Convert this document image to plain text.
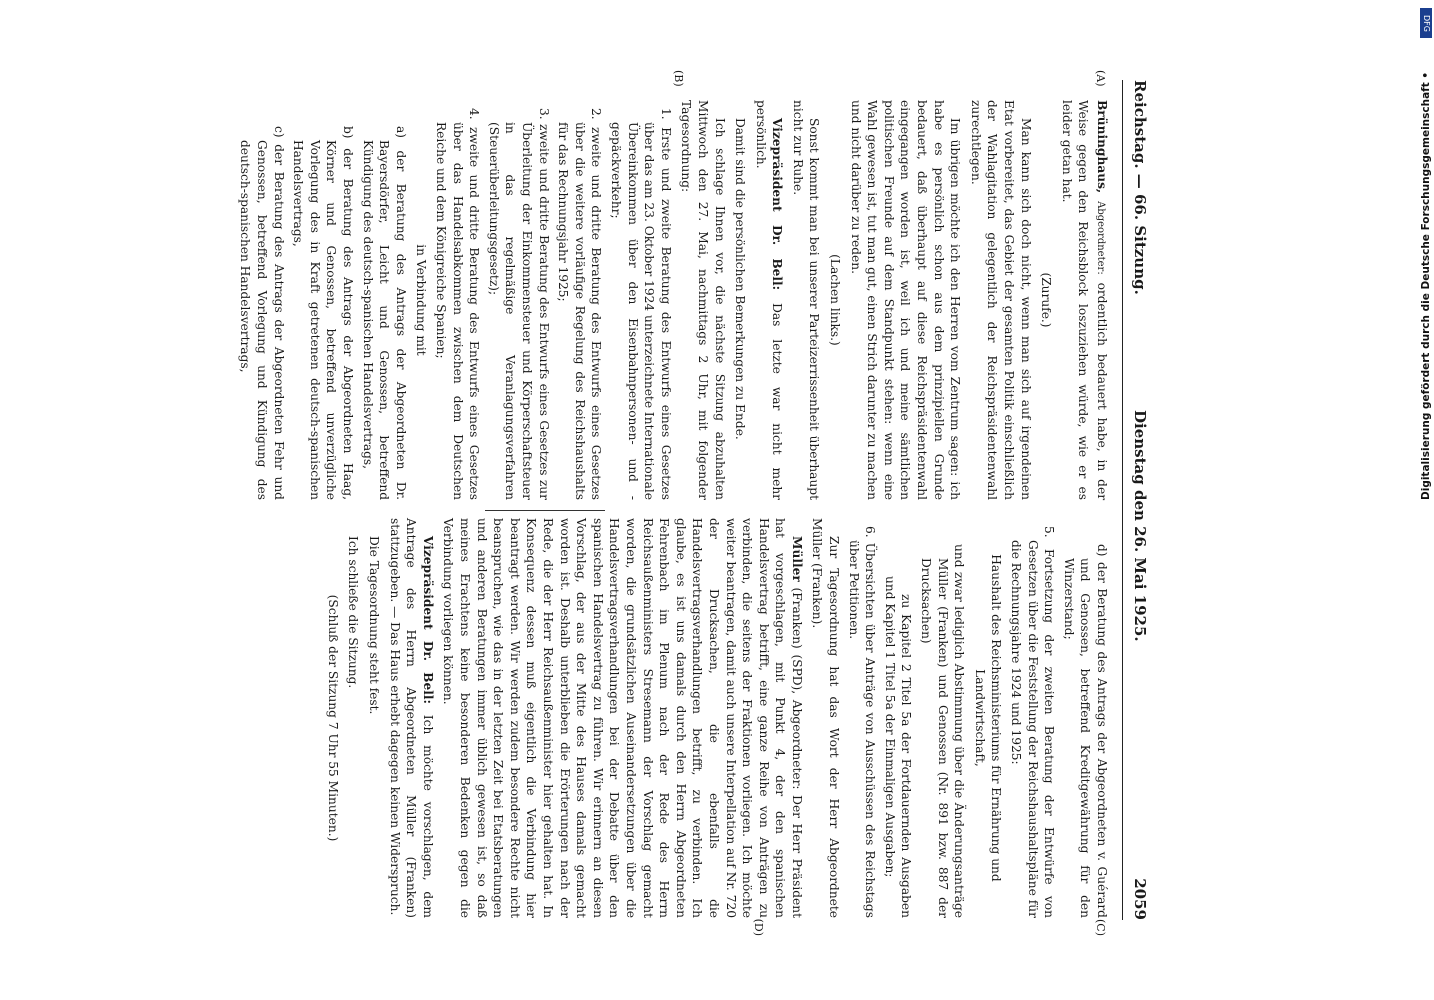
Reichstag. — 66. Sitzung.
Dienstag den 26. Mai 1925.
2059
(A)
(B)
(C)
(D)

Brüninghaus, Abgeordneter: ordentlich bedauert habe, in der Weise gegen den Reichsblock loszuziehen würde, wie er es leider getan hat.

(Zurufe.)

Man kann sich doch nicht, wenn man sich auf irgendeinen Etat vorbereitet, das Gebiet der gesamten Politik einschließlich der Wahlagitation gelegentlich der Reichspräsidentenwahl zurechtlegen.

Im übrigen möchte ich den Herren vom Zentrum sagen: ich habe es persönlich schon aus dem prinzipiellen Grunde bedauert, daß überhaupt auf diese Reichspräsidentenwahl eingegangen worden ist, weil ich und meine sämtlichen politischen Freunde auf dem Standpunkt stehen: wenn eine Wahl gewesen ist, tut man gut, einen Strich darunter zu machen und nicht darüber zu reden.

(Lachen links.)

Sonst kommt man bei unserer Parteizerrissenheit überhaupt nicht zur Ruhe.

Vizepräsident Dr. Bell: Das letzte war nicht mehr persönlich.

Damit sind die persönlichen Bemerkungen zu Ende.

Ich schlage Ihnen vor, die nächste Sitzung abzuhalten Mittwoch den 27. Mai, nachmittags 2 Uhr, mit folgender Tagesordnung:

1. Erste und zweite Beratung des Entwurfs eines Gesetzes über das am 23. Oktober 1924 unterzeichnete Internationale Übereinkommen über den Eisenbahnpersonen- und -gepäckverkehr;

2. zweite und dritte Beratung des Entwurfs eines Gesetzes über die weitere vorläufige Regelung des Reichshaushalts für das Rechnungsjahr 1925;

3. zweite und dritte Beratung des Entwurfs eines Gesetzes zur Überleitung der Einkommensteuer und Körperschaftsteuer in das regelmäßige Veranlagungsverfahren (Steuerüberleitungsgesetz);

4. zweite und dritte Beratung des Entwurfs eines Gesetzes über das Handelsabkommen zwischen dem Deutschen Reiche und dem Königreiche Spanien;

in Verbindung mit

a) der Beratung des Antrags der Abgeordneten Dr. Bayersdörfer, Leicht und Genossen, betreffend Kündigung des deutsch-spanischen Handelsvertrags,

b) der Beratung des Antrags der Abgeordneten Haag, Körner und Genossen, betreffend unverzügliche Vorlegung des in Kraft getretenen deutsch-spanischen Handelsvertrags,

c) der Beratung des Antrags der Abgeordneten Fehr und Genossen, betreffend Vorlegung und Kündigung des deutsch-spanischen Handelsvertrags,

d) der Beratung des Antrags der Abgeordneten v. Guérard und Genossen, betreffend Kreditgewährung für den Winzerstand;

5. Fortsetzung der zweiten Beratung der Entwürfe von Gesetzen über die Feststellung der Reichshaushaltspläne für die Rechnungsjahre 1924 und 1925:

Haushalt des Reichsministeriums für Ernährung und Landwirtschaft,

und zwar lediglich Abstimmung über die Änderungsanträge Müller (Franken) und Genossen (Nr. 891 bzw. 887 der Drucksachen)

zu Kapitel 2 Titel 5a der Fortdauernden Ausgaben und Kapitel 1 Titel 5a der Einmaligen Ausgaben;

6. Übersichten über Anträge von Ausschüssen des Reichstags über Petitionen.

Zur Tagesordnung hat das Wort der Herr Abgeordnete Müller (Franken).

Müller (Franken) (SPD), Abgeordneter: Der Herr Präsident hat vorgeschlagen, mit Punkt 4, der den spanischen Handelsvertrag betrifft, eine ganze Reihe von Anträgen zu verbinden, die seitens der Fraktionen vorliegen. Ich möchte weiter beantragen, damit auch unsere Interpellation auf Nr. 720 der Drucksachen, die ebenfalls die Handelsvertragsverhandlungen betrifft, zu verbinden. Ich glaube, es ist uns damals durch den Herrn Abgeordneten Fehrenbach im Plenum nach der Rede des Herrn Reichsaußenministers Stresemann der Vorschlag gemacht worden, die grundsätzlichen Auseinandersetzungen über die Handelsvertragsverhandlungen bei der Debatte über den spanischen Handelsvertrag zu führen. Wir erinnern an diesen Vorschlag, der aus der Mitte des Hauses damals gemacht worden ist. Deshalb unterblieben die Erörterungen nach der Rede, die der Herr Reichsaußenminister hier gehalten hat. In Konsequenz dessen muß eigentlich die Verbindung hier beantragt werden. Wir werden zudem besondere Rechte nicht beanspruchen, wie das in der letzten Zeit bei Etatsberatungen und anderen Beratungen immer üblich gewesen ist, so daß meines Erachtens keine besonderen Bedenken gegen die Verbindung vorliegen können.

Vizepräsident Dr. Bell: Ich möchte vorschlagen, dem Antrage des Herrn Abgeordneten Müller (Franken) stattzugeben. — Das Haus erhebt dagegen keinen Widerspruch.

Die Tagesordnung steht fest.

Ich schließe die Sitzung.

(Schluß der Sitzung 7 Uhr 55 Minuten.)

DFG
Digitalisierung gefördert durch die Deutsche Forschungsgemeinschaft •
